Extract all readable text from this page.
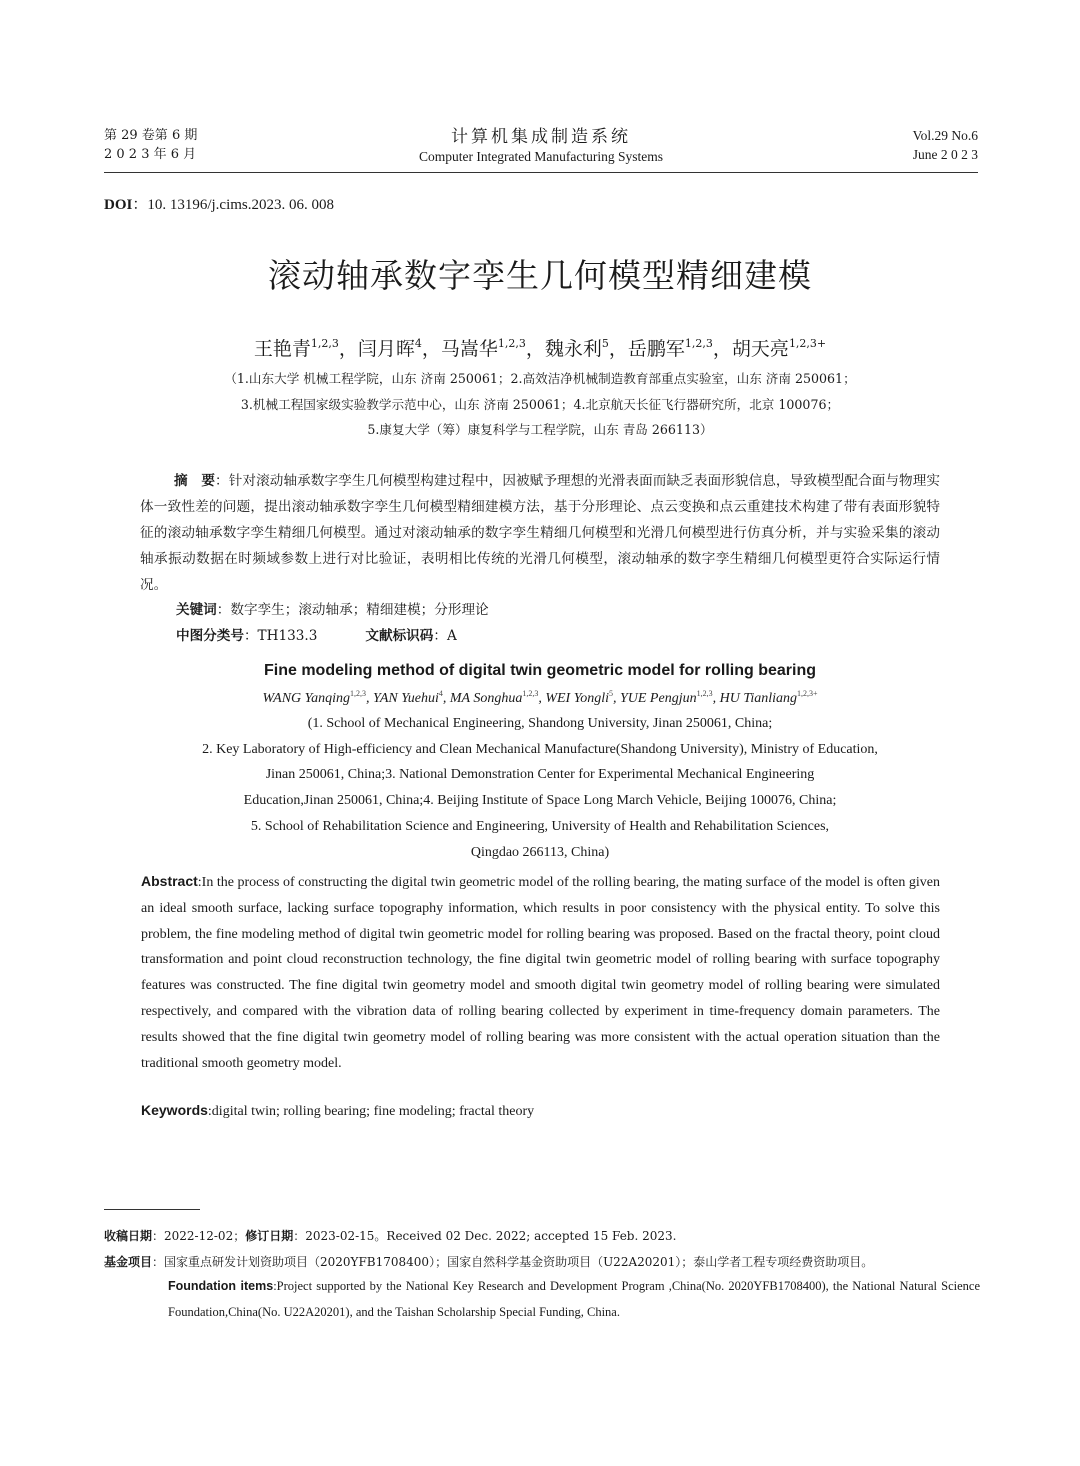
第 29 卷第 6 期
2 0 2 3 年 6 月
计算机集成制造系统
Computer Integrated Manufacturing Systems
Vol.29 No.6
June 2 0 2 3
DOI：10. 13196/j.cims.2023. 06. 008
滚动轴承数字孪生几何模型精细建模
王艳青$^{1,2,3}$，闫月晖$^4$，马嵩华$^{1,2,3}$，魏永利$^5$，岳鹏军$^{1,2,3}$，胡天亮$^{1,2,3+}$
（1.山东大学 机械工程学院，山东 济南 250061；2.高效洁净机械制造教育部重点实验室，山东 济南 250061；
3.机械工程国家级实验教学示范中心，山东 济南 250061；4.北京航天长征飞行器研究所，北京 100076；
5.康复大学（筹）康复科学与工程学院，山东 青岛 266113）
摘　要：针对滚动轴承数字孪生几何模型构建过程中，因被赋予理想的光滑表面而缺乏表面形貌信息，导致模型配合面与物理实体一致性差的问题，提出滚动轴承数字孪生几何模型精细建模方法，基于分形理论、点云变换和点云重建技术构建了带有表面形貌特征的滚动轴承数字孪生精细几何模型。通过对滚动轴承的数字孪生精细几何模型和光滑几何模型进行仿真分析，并与实验采集的滚动轴承振动数据在时频域参数上进行对比验证，表明相比传统的光滑几何模型，滚动轴承的数字孪生精细几何模型更符合实际运行情况。
关键词：数字孪生；滚动轴承；精细建模；分形理论
中图分类号：TH133.3	文献标识码：A
Fine modeling method of digital twin geometric model for rolling bearing
WANG Yanqing$^{1,2,3}$, YAN Yuehui$^4$, MA Songhua$^{1,2,3}$, WEI Yongli$^5$, YUE Pengjun$^{1,2,3}$, HU Tianliang$^{1,2,3+}$
(1. School of Mechanical Engineering, Shandong University, Jinan 250061, China;
2. Key Laboratory of High-efficiency and Clean Mechanical Manufacture(Shandong University), Ministry of Education,
Jinan 250061, China;3. National Demonstration Center for Experimental Mechanical Engineering
Education,Jinan 250061, China;4. Beijing Institute of Space Long March Vehicle, Beijing 100076, China;
5. School of Rehabilitation Science and Engineering, University of Health and Rehabilitation Sciences,
Qingdao 266113, China)
Abstract:In the process of constructing the digital twin geometric model of the rolling bearing, the mating surface of the model is often given an ideal smooth surface, lacking surface topography information, which results in poor consistency with the physical entity. To solve this problem, the fine modeling method of digital twin geometric model for rolling bearing was proposed. Based on the fractal theory, point cloud transformation and point cloud reconstruction technology, the fine digital twin geometric model of rolling bearing with surface topography features was constructed. The fine digital twin geometry model and smooth digital twin geometry model of rolling bearing were simulated respectively, and compared with the vibration data of rolling bearing collected by experiment in time-frequency domain parameters. The results showed that the fine digital twin geometry model of rolling bearing was more consistent with the actual operation situation than the traditional smooth geometry model.
Keywords:digital twin; rolling bearing; fine modeling; fractal theory
收稿日期：2022-12-02；修订日期：2023-02-15。Received 02 Dec. 2022; accepted 15 Feb. 2023.
基金项目：国家重点研发计划资助项目（2020YFB1708400）；国家自然科学基金资助项目（U22A20201）；泰山学者工程专项经费资助项目。
Foundation items:Project supported by the National Key Research and Development Program ,China(No. 2020YFB1708400), the National Natural Science Foundation,China(No. U22A20201), and the Taishan Scholarship Special Funding, China.
